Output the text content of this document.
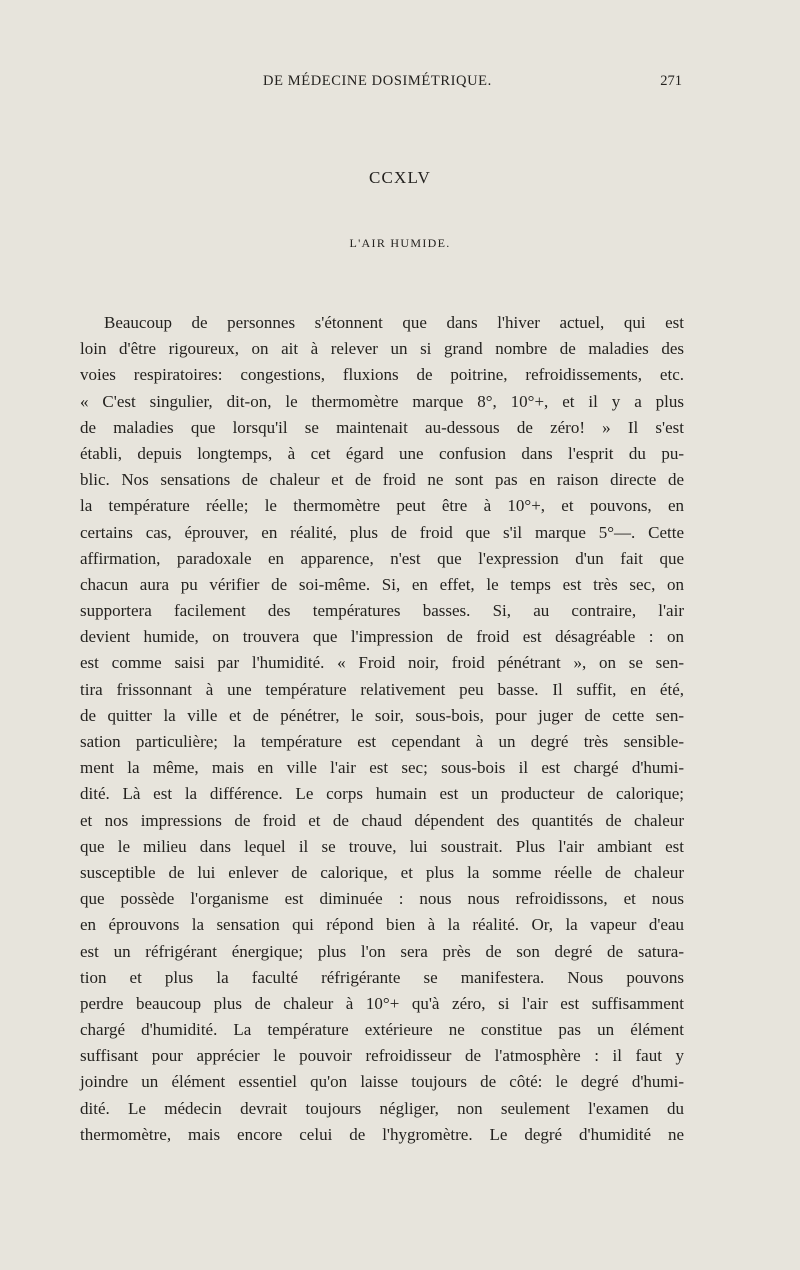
DE MÉDECINE DOSIMÉTRIQUE.	271
CCXLV
L'AIR HUMIDE.
Beaucoup de personnes s'étonnent que dans l'hiver actuel, qui est
loin d'être rigoureux, on ait à relever un si grand nombre de maladies des
voies respiratoires: congestions, fluxions de poitrine, refroidissements, etc.
« C'est singulier, dit-on, le thermomètre marque 8°, 10°+, et il y a plus
de maladies que lorsqu'il se maintenait au-dessous de zéro! » Il s'est
établi, depuis longtemps, à cet égard une confusion dans l'esprit du pu-
blic. Nos sensations de chaleur et de froid ne sont pas en raison directe de
la température réelle; le thermomètre peut être à 10°+, et pouvons, en
certains cas, éprouver, en réalité, plus de froid que s'il marque 5°—. Cette
affirmation, paradoxale en apparence, n'est que l'expression d'un fait que
chacun aura pu vérifier de soi-même. Si, en effet, le temps est très sec, on
supportera facilement des températures basses. Si, au contraire, l'air
devient humide, on trouvera que l'impression de froid est désagréable : on
est comme saisi par l'humidité. « Froid noir, froid pénétrant », on se sen-
tira frissonnant à une température relativement peu basse. Il suffit, en été,
de quitter la ville et de pénétrer, le soir, sous-bois, pour juger de cette sen-
sation particulière; la température est cependant à un degré très sensible-
ment la même, mais en ville l'air est sec; sous-bois il est chargé d'humi-
dité. Là est la différence. Le corps humain est un producteur de calorique;
et nos impressions de froid et de chaud dépendent des quantités de chaleur
que le milieu dans lequel il se trouve, lui soustrait. Plus l'air ambiant est
susceptible de lui enlever de calorique, et plus la somme réelle de chaleur
que possède l'organisme est diminuée : nous nous refroidissons, et nous
en éprouvons la sensation qui répond bien à la réalité. Or, la vapeur d'eau
est un réfrigérant énergique; plus l'on sera près de son degré de satura-
tion et plus la faculté réfrigérante se manifestera. Nous pouvons
perdre beaucoup plus de chaleur à 10°+ qu'à zéro, si l'air est suffisamment
chargé d'humidité. La température extérieure ne constitue pas un élément
suffisant pour apprécier le pouvoir refroidisseur de l'atmosphère : il faut y
joindre un élément essentiel qu'on laisse toujours de côté: le degré d'humi-
dité. Le médecin devrait toujours négliger, non seulement l'examen du
thermomètre, mais encore celui de l'hygromètre. Le degré d'humidité ne
